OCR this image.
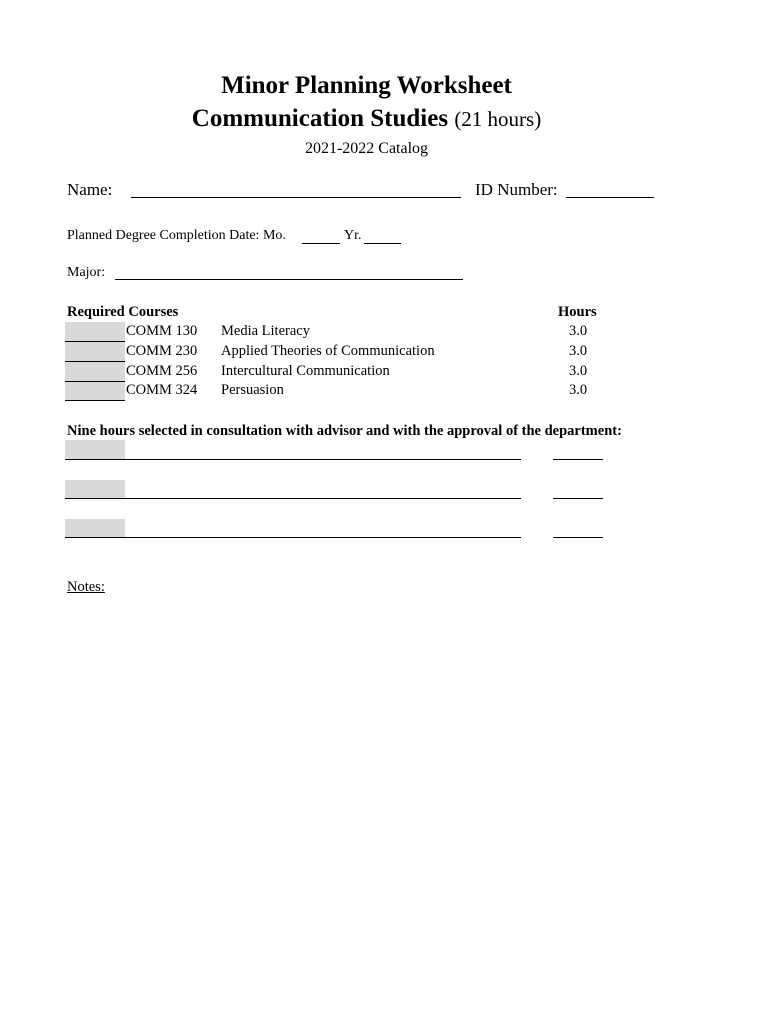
Minor Planning Worksheet
Communication Studies (21 hours)
2021-2022 Catalog
Name:	ID Number:
Planned Degree Completion Date: Mo.	Yr.
Major:
Required Courses	Hours
COMM 130 Media Literacy	3.0
COMM 230 Applied Theories of Communication	3.0
COMM 256 Intercultural Communication	3.0
COMM 324 Persuasion	3.0
Nine hours selected in consultation with advisor and with the approval of the department:
Notes:
